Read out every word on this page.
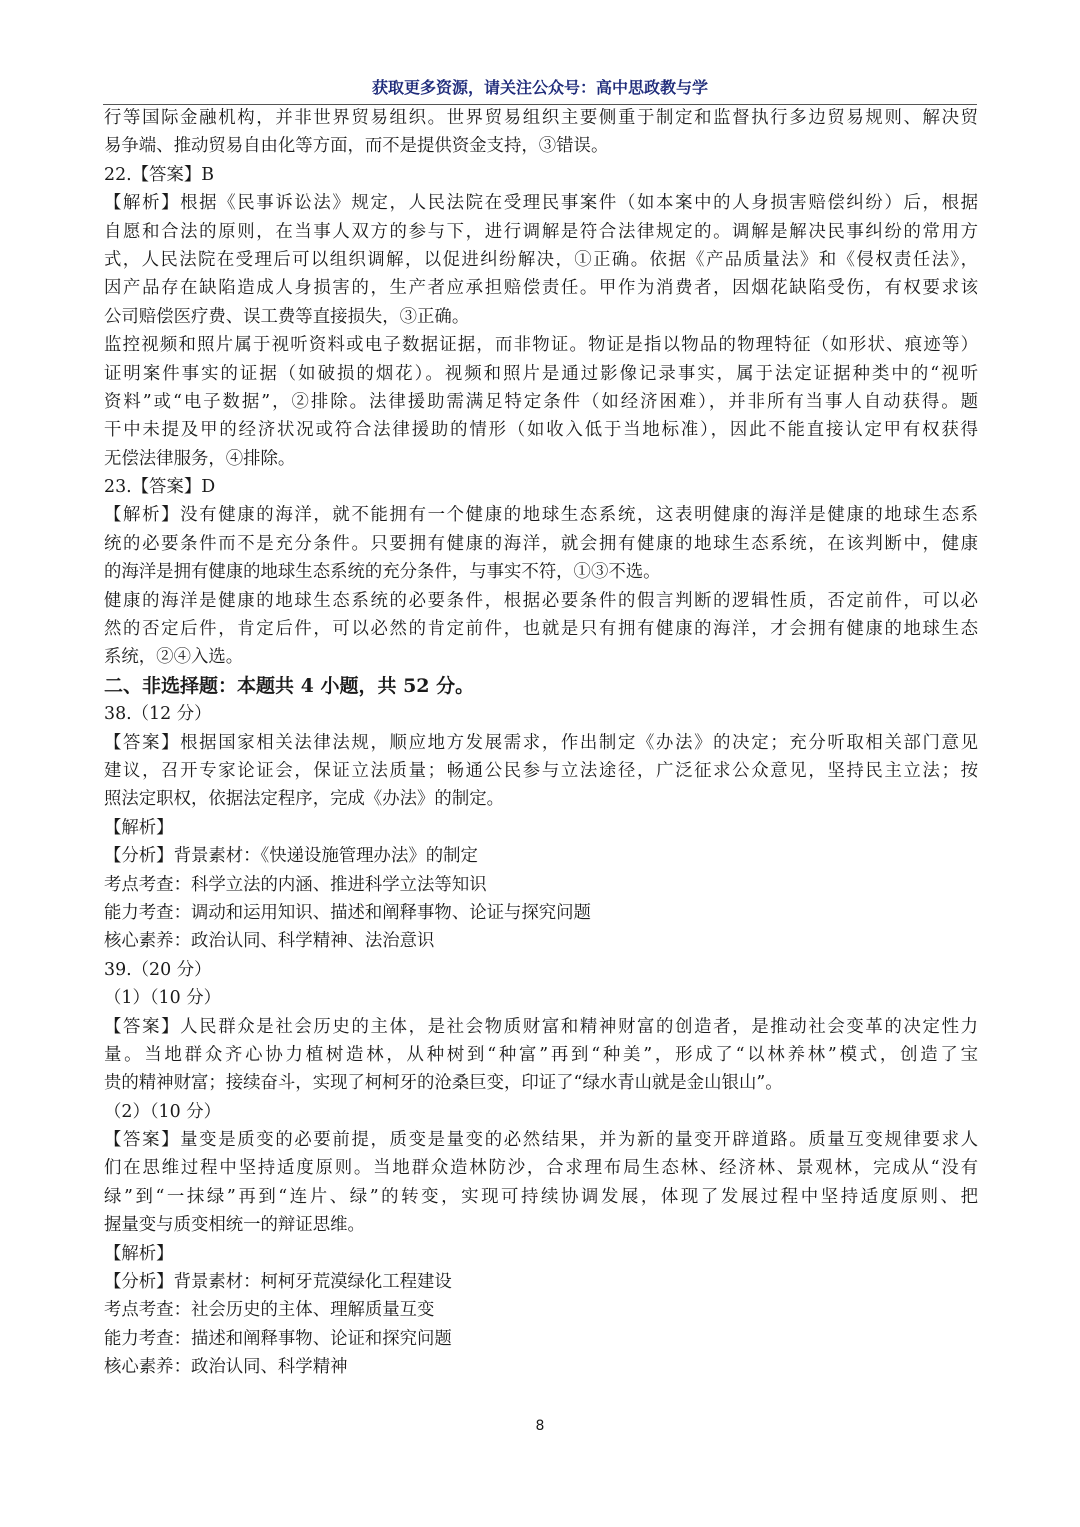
获取更多资源，请关注公众号：高中思政教与学
行等国际金融机构，并非世界贸易组织。世界贸易组织主要侧重于制定和监督执行多边贸易规则、解决贸
易争端、推动贸易自由化等方面，而不是提供资金支持，③错误。
22.【答案】B
【解析】根据《民事诉讼法》规定，人民法院在受理民事案件（如本案中的人身损害赔偿纠纷）后，根据
自愿和合法的原则，在当事人双方的参与下，进行调解是符合法律规定的。调解是解决民事纠纷的常用方
式，人民法院在受理后可以组织调解，以促进纠纷解决，①正确。依据《产品质量法》和《侵权责任法》，
因产品存在缺陷造成人身损害的，生产者应承担赔偿责任。甲作为消费者，因烟花缺陷受伤，有权要求该
公司赔偿医疗费、误工费等直接损失，③正确。
监控视频和照片属于视听资料或电子数据证据，而非物证。物证是指以物品的物理特征（如形状、痕迹等）
证明案件事实的证据（如破损的烟花）。视频和照片是通过影像记录事实，属于法定证据种类中的“视听
资料”或“电子数据”，②排除。法律援助需满足特定条件（如经济困难），并非所有当事人自动获得。题
干中未提及甲的经济状况或符合法律援助的情形（如收入低于当地标准），因此不能直接认定甲有权获得
无偿法律服务，④排除。
23.【答案】D
【解析】没有健康的海洋，就不能拥有一个健康的地球生态系统，这表明健康的海洋是健康的地球生态系
统的必要条件而不是充分条件。只要拥有健康的海洋，就会拥有健康的地球生态系统，在该判断中，健康
的海洋是拥有健康的地球生态系统的充分条件，与事实不符，①③不选。
健康的海洋是健康的地球生态系统的必要条件，根据必要条件的假言判断的逻辑性质，否定前件，可以必
然的否定后件，肯定后件，可以必然的肯定前件，也就是只有拥有健康的海洋，才会拥有健康的地球生态
系统，②④入选。
二、非选择题：本题共 4 小题，共 52 分。
38.（12 分）
【答案】根据国家相关法律法规，顺应地方发展需求，作出制定《办法》的决定；充分听取相关部门意见
建议，召开专家论证会，保证立法质量；畅通公民参与立法途径，广泛征求公众意见，坚持民主立法；按
照法定职权，依据法定程序，完成《办法》的制定。
【解析】
【分析】背景素材：《快递设施管理办法》的制定
考点考查：科学立法的内涵、推进科学立法等知识
能力考查：调动和运用知识、描述和阐释事物、论证与探究问题
核心素养：政治认同、科学精神、法治意识
39.（20 分）
（1）（10 分）
【答案】人民群众是社会历史的主体，是社会物质财富和精神财富的创造者，是推动社会变革的决定性力
量。当地群众齐心协力植树造林，从种树到“种富”再到“种美”，形成了“以林养林”模式，创造了宝
贵的精神财富；接续奋斗，实现了柯柯牙的沧桑巨变，印证了“绿水青山就是金山银山”。
（2）（10 分）
【答案】量变是质变的必要前提，质变是量变的必然结果，并为新的量变开辟道路。质量互变规律要求人
们在思维过程中坚持适度原则。当地群众造林防沙，合求理布局生态林、经济林、景观林，完成从“没有
绿”到“一抹绿”再到“连片、绿”的转变，实现可持续协调发展，体现了发展过程中坚持适度原则、把
握量变与质变相统一的辩证思维。
【解析】
【分析】背景素材：柯柯牙荒漠绿化工程建设
考点考查：社会历史的主体、理解质量互变
能力考查：描述和阐释事物、论证和探究问题
核心素养：政治认同、科学精神
8
